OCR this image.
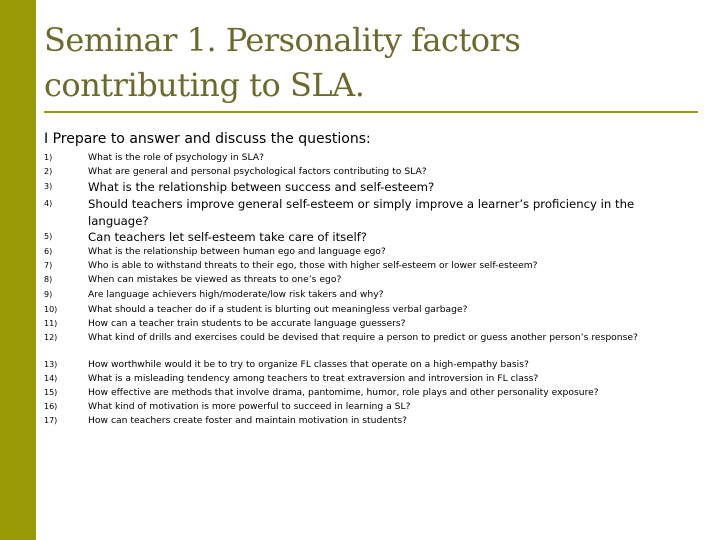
Seminar 1. Personality factors contributing to SLA.
I Prepare to answer and discuss the questions:
1)	What is the role of psychology in SLA?
2)	What are general and personal psychological factors contributing to SLA?
3)	What is the relationship between success and self-esteem?
4)	Should teachers improve general self-esteem or simply improve a learner’s proficiency in the language?
5)	Can teachers let self-esteem take care of itself?
6)	What is the relationship between human ego and language ego?
7)	Who is able to withstand threats to their ego, those with higher self-esteem or lower self-esteem?
8)	When can mistakes be viewed as threats to one’s ego?
9)	Are language achievers high/moderate/low risk takers and why?
10)	What should a teacher do if a student is blurting out meaningless verbal garbage?
11)	How can a teacher train students to be accurate language guessers?
12)	What kind of drills and exercises could be devised that require a person to predict or guess another person’s response?
13)	How worthwhile would it be to try to organize FL classes that operate on a high-empathy basis?
14)	What is a misleading tendency among teachers to treat extraversion and introversion in FL class?
15)	How effective are methods that involve drama, pantomime, humor, role plays and other personality exposure?
16)	What kind of motivation is more powerful to succeed in learning a SL?
17)	How can teachers create foster and maintain motivation in students?
